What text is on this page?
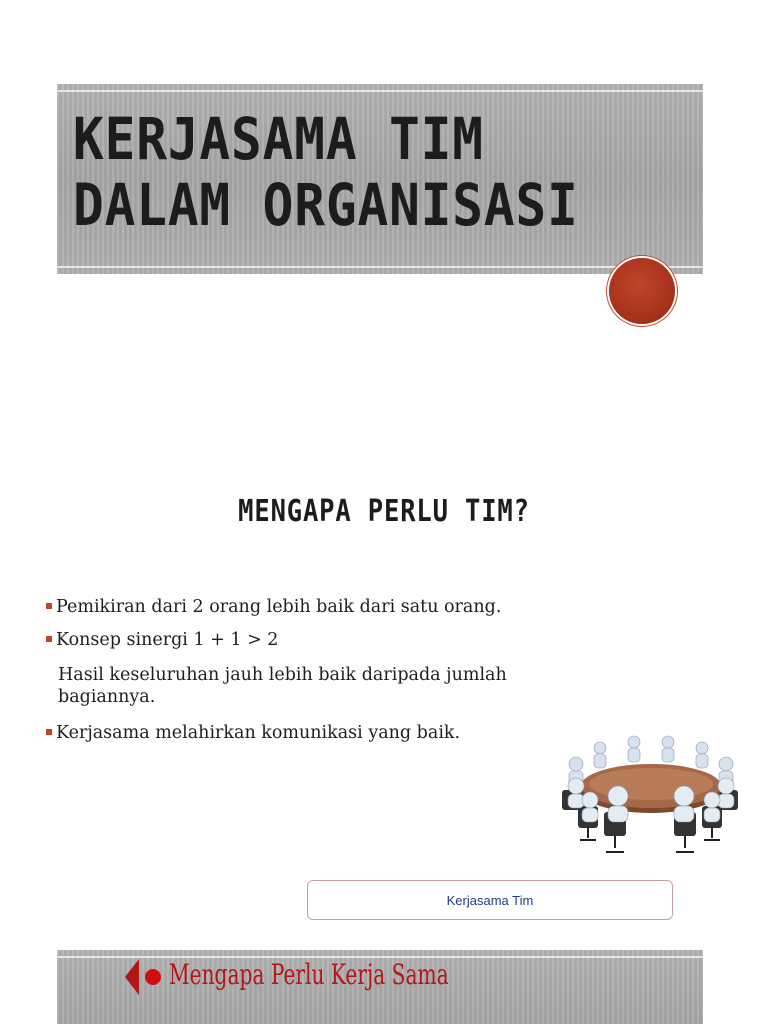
KERJASAMA TIM
DALAM ORGANISASI
MENGAPA PERLU TIM?
Pemikiran dari 2 orang lebih baik dari satu orang.
Konsep sinergi 1 + 1 > 2
Hasil keseluruhan jauh lebih baik daripada jumlah bagiannya.
Kerjasama melahirkan komunikasi yang baik.
Kerjasama Tim
Mengapa Perlu Kerja Sama
